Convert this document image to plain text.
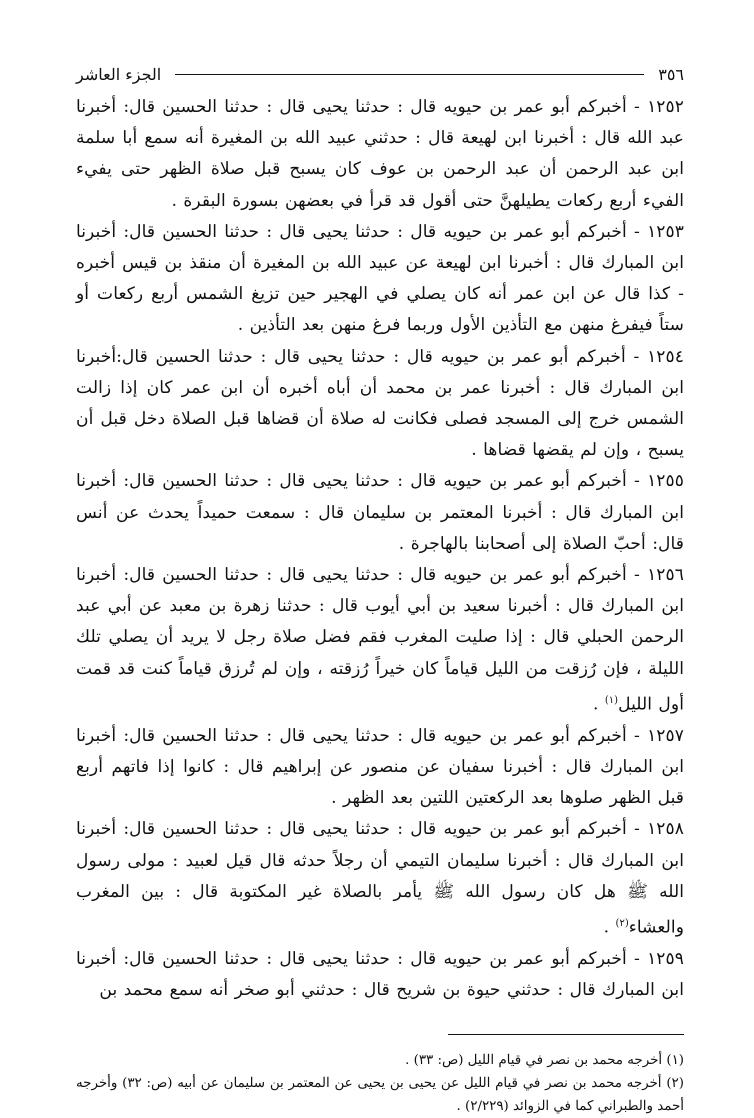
٣٥٦
الجزء العاشر

١٢٥٢ - أخبركم أبو عمر بن حيويه قال : حدثنا يحيى قال : حدثنا الحسين قال: أخبرنا عبد الله قال : أخبرنا ابن لهيعة قال : حدثني عبيد الله بن المغيرة أنه سمع أبا سلمة ابن عبد الرحمن أن عبد الرحمن بن عوف كان يسبح قبل صلاة الظهر حتى يفيء الفيء أربع ركعات يطيلهنَّ حتى أقول قد قرأ في بعضهن بسورة البقرة .

١٢٥٣ - أخبركم أبو عمر بن حيويه قال : حدثنا يحيى قال : حدثنا الحسين قال: أخبرنا ابن المبارك قال : أخبرنا ابن لهيعة عن عبيد الله بن المغيرة أن منقذ بن قيس أخبره - كذا قال عن ابن عمر أنه كان يصلي في الهجير حين تزيغ الشمس أربع ركعات أو ستاً فيفرغ منهن مع التأذين الأول وربما فرغ منهن بعد التأذين .

١٢٥٤ - أخبركم أبو عمر بن حيويه قال : حدثنا يحيى قال : حدثنا الحسين قال:أخبرنا ابن المبارك قال : أخبرنا عمر بن محمد أن أباه أخبره أن ابن عمر كان إذا زالت الشمس خرج إلى المسجد فصلى فكانت له صلاة أن قضاها قبل الصلاة دخل قبل أن يسبح ، وإن لم يقضها قضاها .

١٢٥٥ - أخبركم أبو عمر بن حيويه قال : حدثنا يحيى قال : حدثنا الحسين قال: أخبرنا ابن المبارك قال : أخبرنا المعتمر بن سليمان قال : سمعت حميداً يحدث عن أنس قال: أحبّ الصلاة إلى أصحابنا بالهاجرة .

١٢٥٦ - أخبركم أبو عمر بن حيويه قال : حدثنا يحيى قال : حدثنا الحسين قال: أخبرنا ابن المبارك قال : أخبرنا سعيد بن أبي أيوب قال : حدثنا زهرة بن معبد عن أبي عبد الرحمن الحبلي قال : إذا صليت المغرب فقم فضل صلاة رجل لا يريد أن يصلي تلك الليلة ، فإن رُزقت من الليل قياماً كان خيراً رُزقته ، وإن لم تُرزق قياماً كنت قد قمت أول الليل$^{(١)}$ .

١٢٥٧ - أخبركم أبو عمر بن حيويه قال : حدثنا يحيى قال : حدثنا الحسين قال: أخبرنا ابن المبارك قال : أخبرنا سفيان عن منصور عن إبراهيم قال : كانوا إذا فاتهم أربع قبل الظهر صلوها بعد الركعتين اللتين بعد الظهر .

١٢٥٨ - أخبركم أبو عمر بن حيويه قال : حدثنا يحيى قال : حدثنا الحسين قال: أخبرنا ابن المبارك قال : أخبرنا سليمان التيمي أن رجلاً حدثه قال قيل لعبيد : مولى رسول الله ﷺ هل كان رسول الله ﷺ يأمر بالصلاة غير المكتوبة قال : بين المغرب والعشاء$^{(٢)}$ .

١٢٥٩ - أخبركم أبو عمر بن حيويه قال : حدثنا يحيى قال : حدثنا الحسين قال: أخبرنا ابن المبارك قال : حدثني حيوة بن شريح قال : حدثني أبو صخر أنه سمع محمد بن

(١) أخرجه محمد بن نصر في قيام الليل (ص: ٣٣) .

(٢) أخرجه محمد بن نصر في قيام الليل عن يحيى بن يحيى عن المعتمر بن سليمان عن أبيه (ص: ٣٢) وأخرجه أحمد والطبراني كما في الزوائد (٢/٢٢٩) .
